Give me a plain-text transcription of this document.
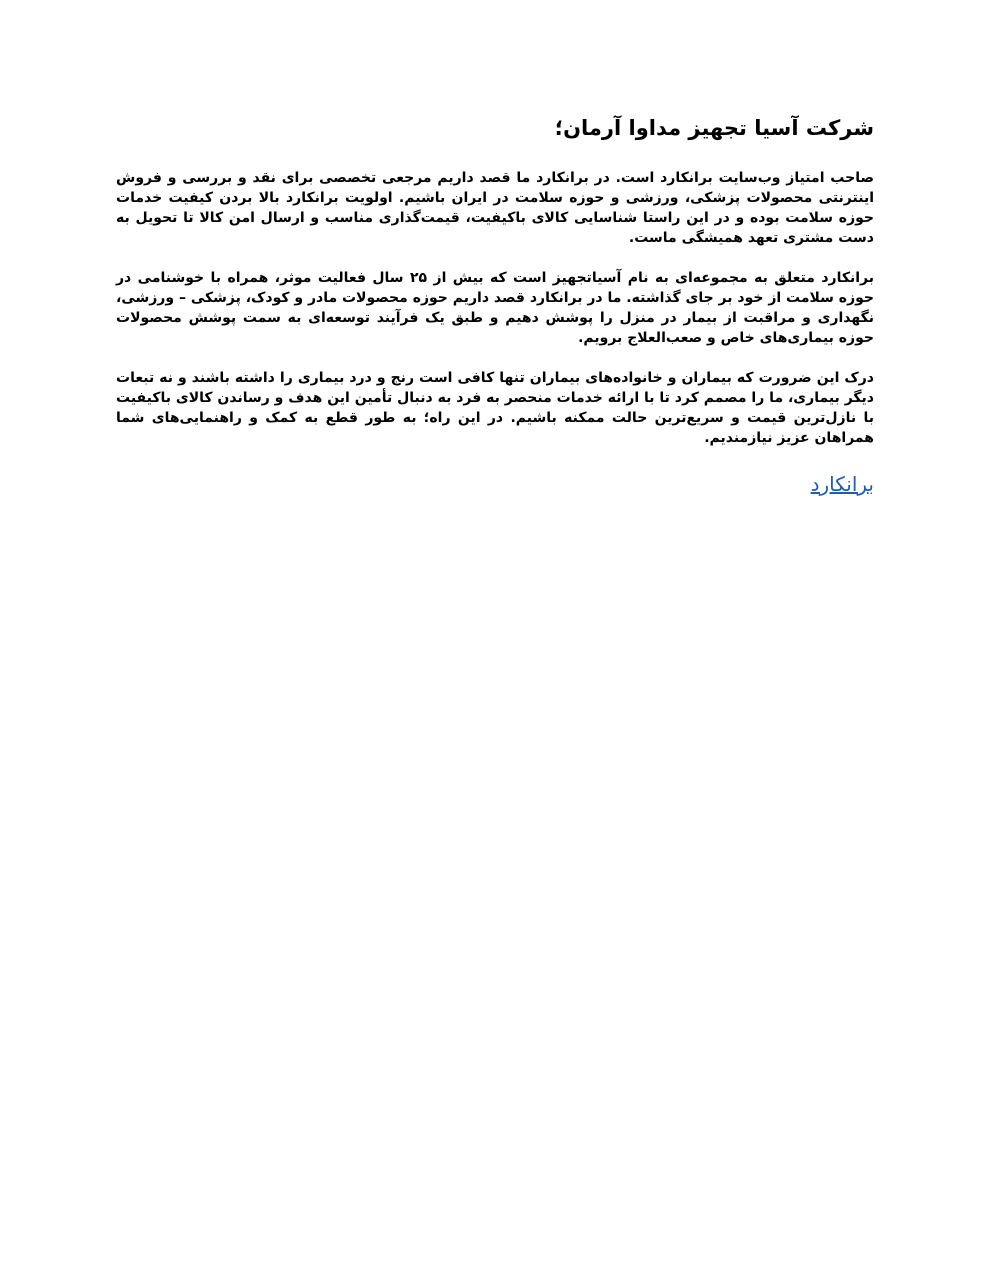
شرکت آسیا تجهیز مداوا آرمان؛

صاحب امتیاز وب‌سایت برانکارد است. در برانکارد ما قصد داریم مرجعی تخصصی برای نقد و بررسی و فروش اینترنتی محصولات پزشکی، ورزشی و حوزه سلامت در ایران باشیم. اولویت برانکارد بالا بردن کیفیت خدمات حوزه سلامت بوده و در این راستا شناسایی کالای باکیفیت، قیمت‌گذاری مناسب و ارسال امن کالا تا تحویل به دست مشتری تعهد همیشگی ماست.

برانکارد متعلق به مجموعه‌ای به نام آسیاتجهیز است که بیش از ۲۵ سال فعالیت موثر، همراه با خوشنامی در حوزه سلامت از خود بر جای گذاشته. ما در برانکارد قصد داریم حوزه محصولات مادر و کودک، پزشکی – ورزشی، نگهداری و مراقبت از بیمار در منزل را پوشش دهیم و طبق یک فرآیند توسعه‌ای به سمت پوشش محصولات حوزه بیماری‌های خاص و صعب‌العلاج برویم.

درک این ضرورت که بیماران و خانواده‌های بیماران تنها کافی است رنج و درد بیماری را داشته باشند و نه تبعات دیگر بیماری، ما را مصمم کرد تا با ارائه خدمات منحصر به فرد به دنبال تأمین این هدف و رساندن کالای باکیفیت با نازل‌ترین قیمت و سریع‌ترین حالت ممکنه باشیم. در این راه؛ به طور قطع به کمک و راهنمایی‌های شما همراهان عزیز نیازمندیم.

برانکارد
